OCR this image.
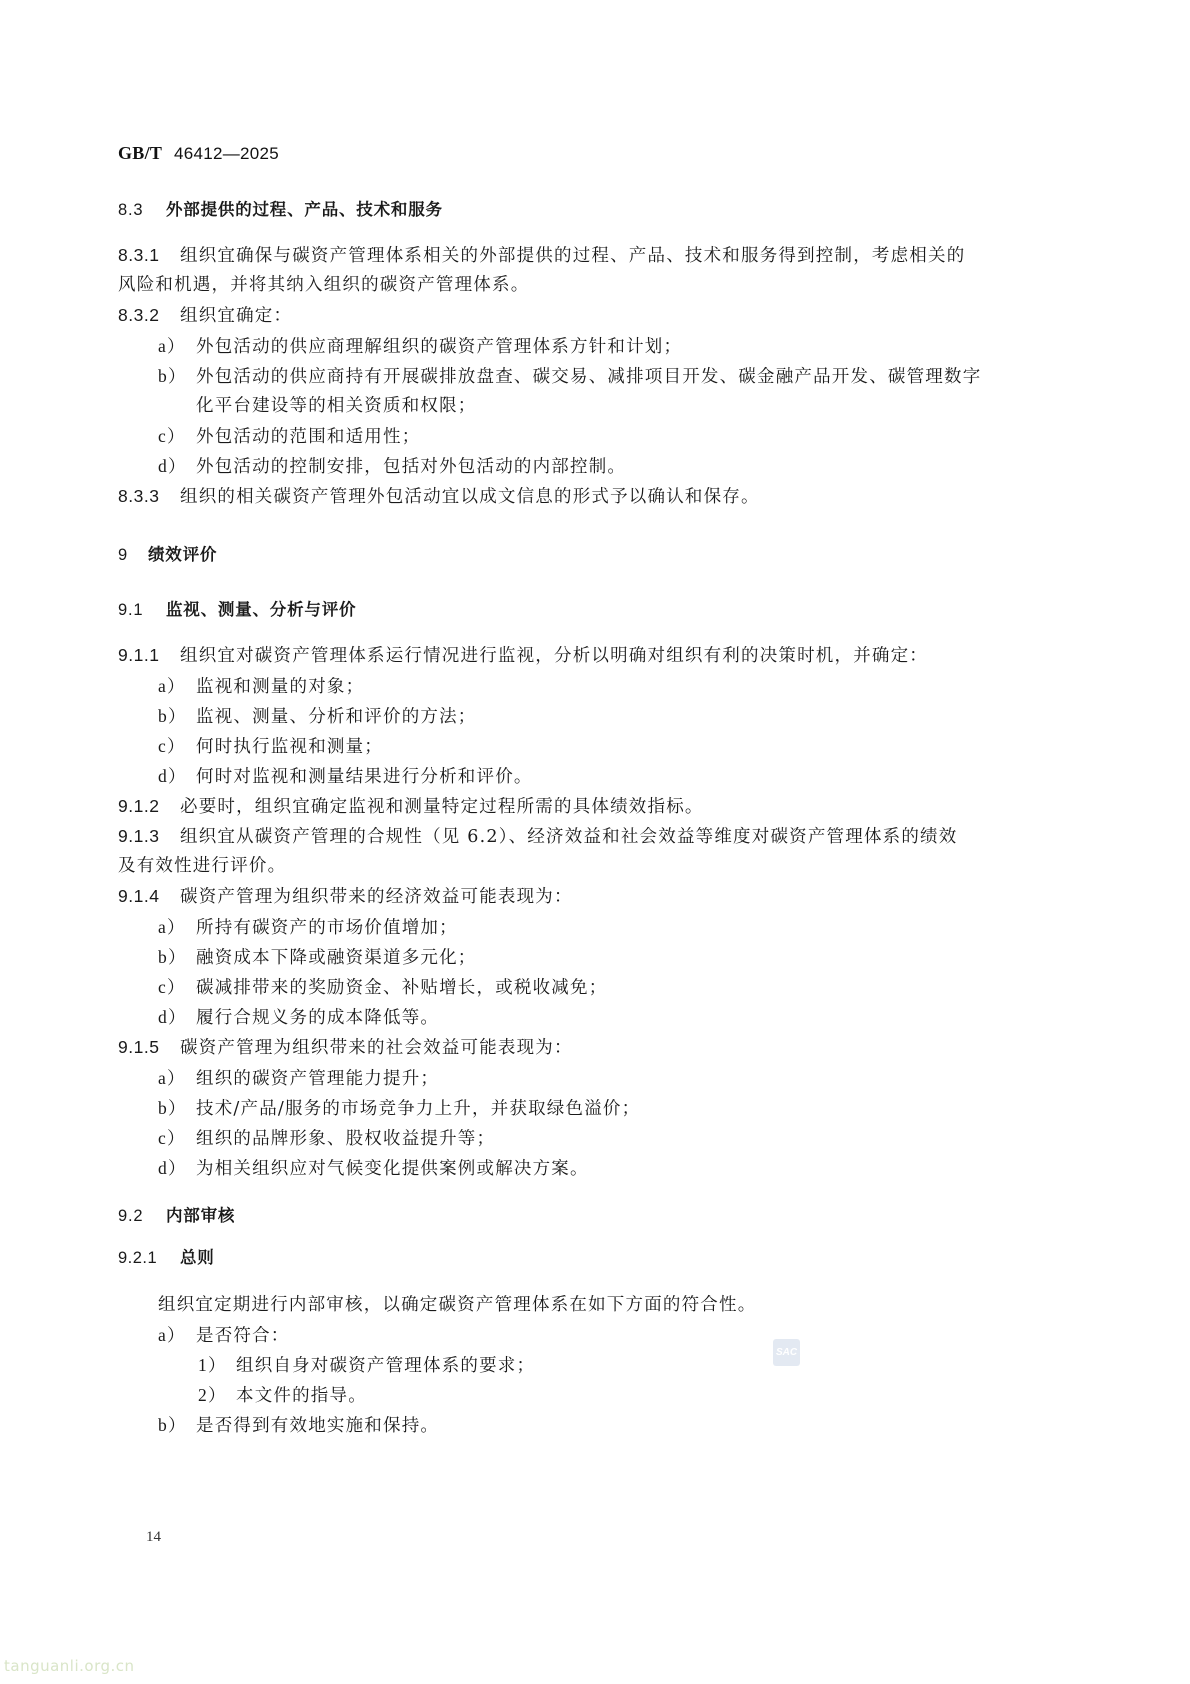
GB/T 46412—2025
8.3 外部提供的过程、产品、技术和服务
8.3.1 组织宜确保与碳资产管理体系相关的外部提供的过程、产品、技术和服务得到控制，考虑相关的
风险和机遇，并将其纳入组织的碳资产管理体系。
8.3.2 组织宜确定：
a） 外包活动的供应商理解组织的碳资产管理体系方针和计划；
b） 外包活动的供应商持有开展碳排放盘查、碳交易、减排项目开发、碳金融产品开发、碳管理数字
化平台建设等的相关资质和权限；
c） 外包活动的范围和适用性；
d） 外包活动的控制安排，包括对外包活动的内部控制。
8.3.3 组织的相关碳资产管理外包活动宜以成文信息的形式予以确认和保存。
9 绩效评价
9.1 监视、测量、分析与评价
9.1.1 组织宜对碳资产管理体系运行情况进行监视，分析以明确对组织有利的决策时机，并确定：
a） 监视和测量的对象；
b） 监视、测量、分析和评价的方法；
c） 何时执行监视和测量；
d） 何时对监视和测量结果进行分析和评价。
9.1.2 必要时，组织宜确定监视和测量特定过程所需的具体绩效指标。
9.1.3 组织宜从碳资产管理的合规性（见 6.2）、经济效益和社会效益等维度对碳资产管理体系的绩效
及有效性进行评价。
9.1.4 碳资产管理为组织带来的经济效益可能表现为：
a） 所持有碳资产的市场价值增加；
b） 融资成本下降或融资渠道多元化；
c） 碳减排带来的奖励资金、补贴增长，或税收减免；
d） 履行合规义务的成本降低等。
9.1.5 碳资产管理为组织带来的社会效益可能表现为：
a） 组织的碳资产管理能力提升；
b） 技术/产品/服务的市场竞争力上升，并获取绿色溢价；
c） 组织的品牌形象、股权收益提升等；
d） 为相关组织应对气候变化提供案例或解决方案。
9.2 内部审核
9.2.1 总则
组织宜定期进行内部审核，以确定碳资产管理体系在如下方面的符合性。
a） 是否符合：
1） 组织自身对碳资产管理体系的要求；
2） 本文件的指导。
b） 是否得到有效地实施和保持。
SAC
14
tanguanli.org.cn
